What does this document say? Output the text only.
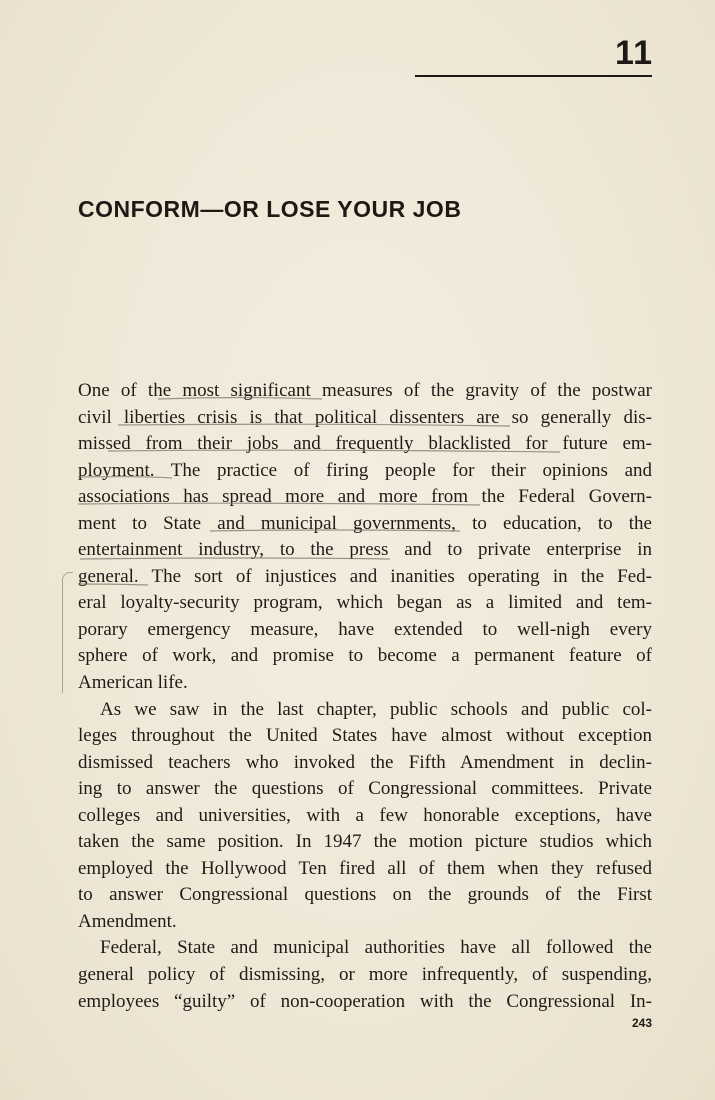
11
CONFORM—OR LOSE YOUR JOB
One of the most significant measures of the gravity of the postwar
civil liberties crisis is that political dissenters are so generally dis-
missed from their jobs and frequently blacklisted for future em-
ployment. The practice of firing people for their opinions and
associations has spread more and more from the Federal Govern-
ment to State and municipal governments, to education, to the
entertainment industry, to the press and to private enterprise in
general. The sort of injustices and inanities operating in the Fed-
eral loyalty-security program, which began as a limited and tem-
porary emergency measure, have extended to well-nigh every
sphere of work, and promise to become a permanent feature of
American life.
As we saw in the last chapter, public schools and public col-
leges throughout the United States have almost without exception
dismissed teachers who invoked the Fifth Amendment in declin-
ing to answer the questions of Congressional committees. Private
colleges and universities, with a few honorable exceptions, have
taken the same position. In 1947 the motion picture studios which
employed the Hollywood Ten fired all of them when they refused
to answer Congressional questions on the grounds of the First
Amendment.
Federal, State and municipal authorities have all followed the
general policy of dismissing, or more infrequently, of suspending,
employees “guilty” of non-cooperation with the Congressional In-
243
